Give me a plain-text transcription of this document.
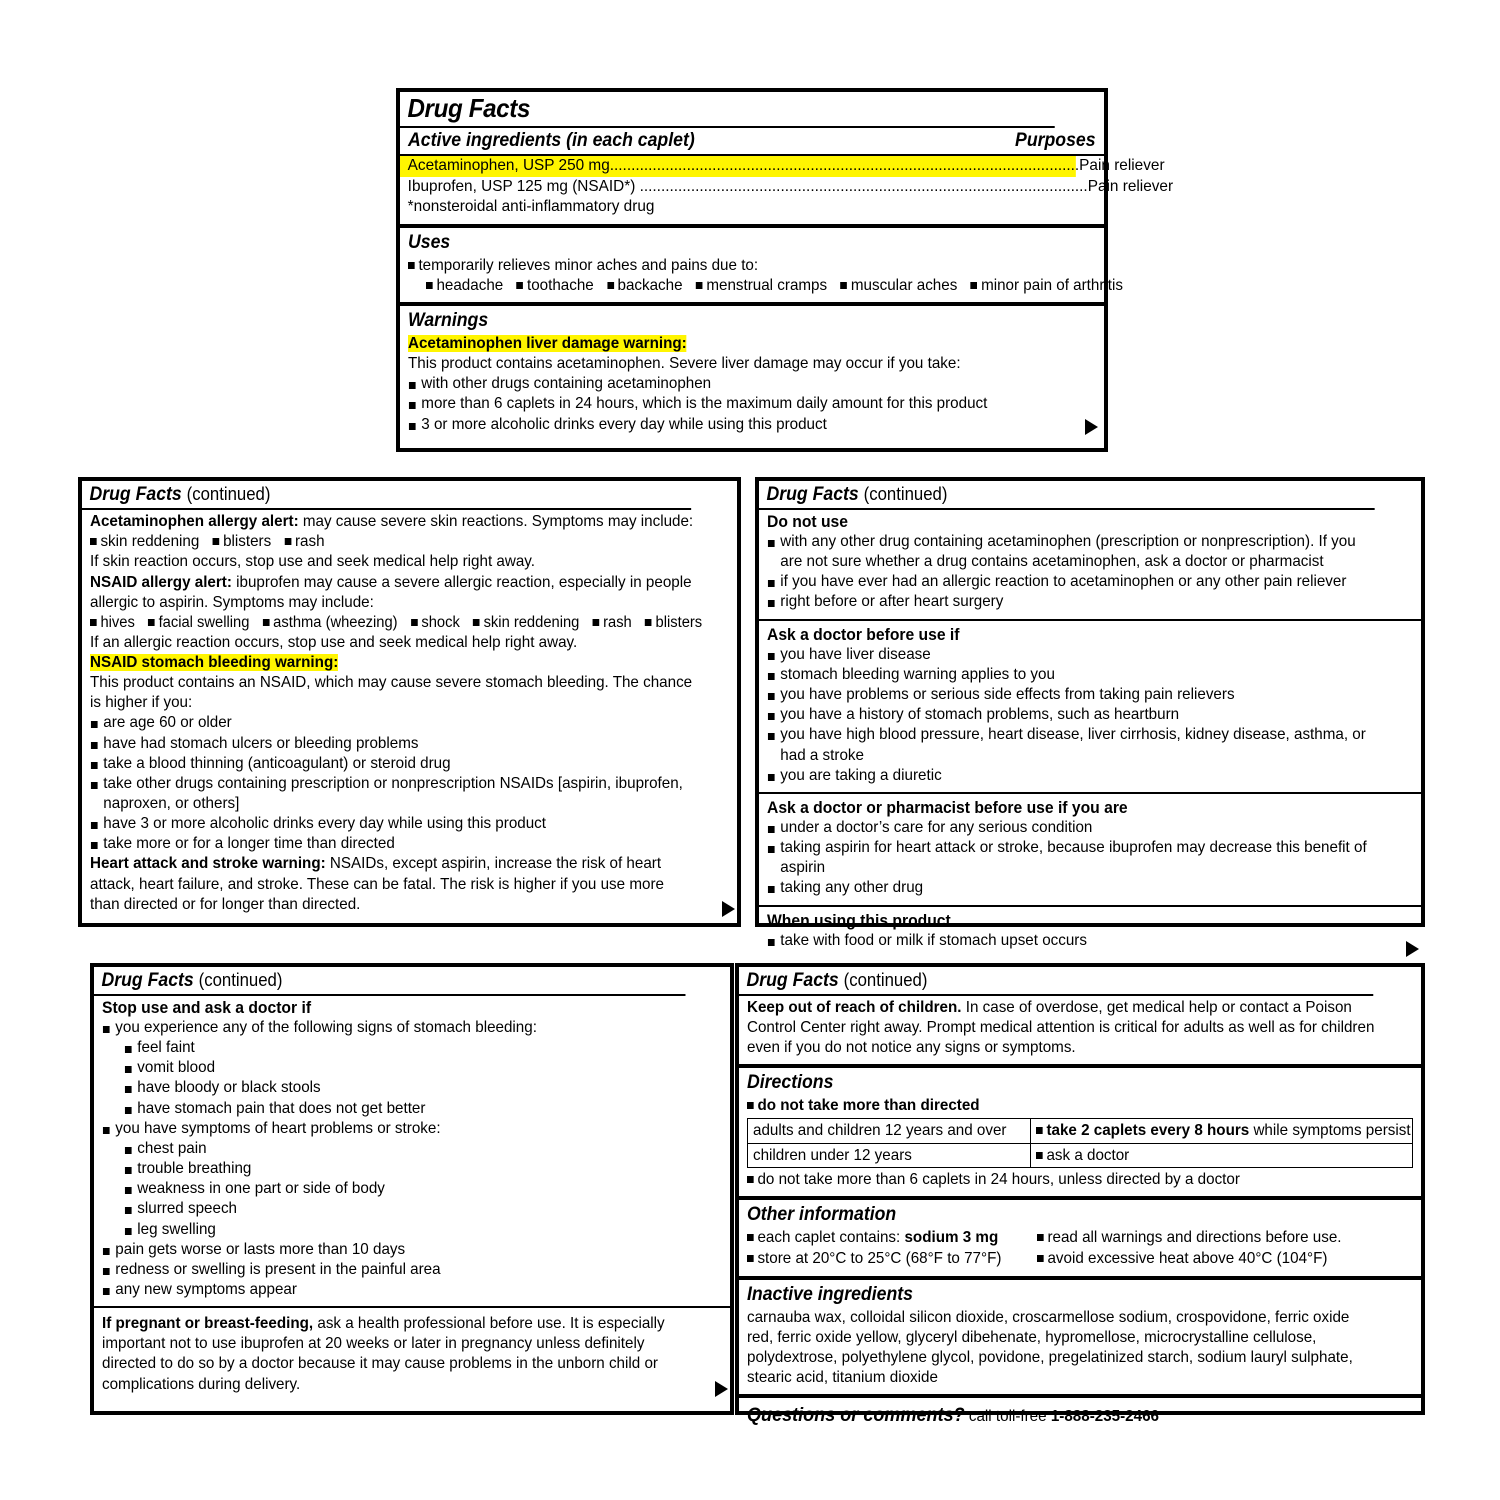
Drug Facts
Active ingredients (in each caplet)	Purposes
Acetaminophen, USP 250 mg..............................................................................................................Pain reliever
Ibuprofen, USP 125 mg (NSAID*) .........................................................................................................Pain reliever
*nonsteroidal anti-inflammatory drug
Uses
temporarily relieves minor aches and pains due to:
headache toothache backache menstrual cramps muscular aches minor pain of arthritis
Warnings
Acetaminophen liver damage warning:
This product contains acetaminophen. Severe liver damage may occur if you take:
with other drugs containing acetaminophen
more than 6 caplets in 24 hours, which is the maximum daily amount for this product
3 or more alcoholic drinks every day while using this product
Drug Facts (continued)
Acetaminophen allergy alert: may cause severe skin reactions. Symptoms may include:
skin reddening blisters rash
If skin reaction occurs, stop use and seek medical help right away.
NSAID allergy alert: ibuprofen may cause a severe allergic reaction, especially in people allergic to aspirin. Symptoms may include:
hives facial swelling asthma (wheezing) shock skin reddening rash blisters
If an allergic reaction occurs, stop use and seek medical help right away.
NSAID stomach bleeding warning:
This product contains an NSAID, which may cause severe stomach bleeding. The chance is higher if you:
are age 60 or older
have had stomach ulcers or bleeding problems
take a blood thinning (anticoagulant) or steroid drug
take other drugs containing prescription or nonprescription NSAIDs [aspirin, ibuprofen, naproxen, or others]
have 3 or more alcoholic drinks every day while using this product
take more or for a longer time than directed
Heart attack and stroke warning: NSAIDs, except aspirin, increase the risk of heart attack, heart failure, and stroke. These can be fatal. The risk is higher if you use more than directed or for longer than directed.
Drug Facts (continued)
Do not use
with any other drug containing acetaminophen (prescription or nonprescription). If you are not sure whether a drug contains acetaminophen, ask a doctor or pharmacist
if you have ever had an allergic reaction to acetaminophen or any other pain reliever
right before or after heart surgery
Ask a doctor before use if
you have liver disease
stomach bleeding warning applies to you
you have problems or serious side effects from taking pain relievers
you have a history of stomach problems, such as heartburn
you have high blood pressure, heart disease, liver cirrhosis, kidney disease, asthma, or had a stroke
you are taking a diuretic
Ask a doctor or pharmacist before use if you are
under a doctor’s care for any serious condition
taking aspirin for heart attack or stroke, because ibuprofen may decrease this benefit of aspirin
taking any other drug
When using this product
take with food or milk if stomach upset occurs
Drug Facts (continued)
Stop use and ask a doctor if
you experience any of the following signs of stomach bleeding:
feel faint
vomit blood
have bloody or black stools
have stomach pain that does not get better
you have symptoms of heart problems or stroke:
chest pain
trouble breathing
weakness in one part or side of body
slurred speech
leg swelling
pain gets worse or lasts more than 10 days
redness or swelling is present in the painful area
any new symptoms appear
If pregnant or breast-feeding, ask a health professional before use. It is especially important not to use ibuprofen at 20 weeks or later in pregnancy unless definitely directed to do so by a doctor because it may cause problems in the unborn child or complications during delivery.
Drug Facts (continued)
Keep out of reach of children. In case of overdose, get medical help or contact a Poison Control Center right away. Prompt medical attention is critical for adults as well as for children even if you do not notice any signs or symptoms.
Directions
do not take more than directed
adults and children 12 years and over	take 2 caplets every 8 hours while symptoms persist
children under 12 years	ask a doctor
do not take more than 6 caplets in 24 hours, unless directed by a doctor
Other information
each caplet contains: sodium 3 mg	read all warnings and directions before use.
store at 20°C to 25°C (68°F to 77°F)	avoid excessive heat above 40°C (104°F)
Inactive ingredients
carnauba wax, colloidal silicon dioxide, croscarmellose sodium, crospovidone, ferric oxide red, ferric oxide yellow, glyceryl dibehenate, hypromellose, microcrystalline cellulose, polydextrose, polyethylene glycol, povidone, pregelatinized starch, sodium lauryl sulphate, stearic acid, titanium dioxide
Questions or comments? call toll-free 1-888-235-2466
